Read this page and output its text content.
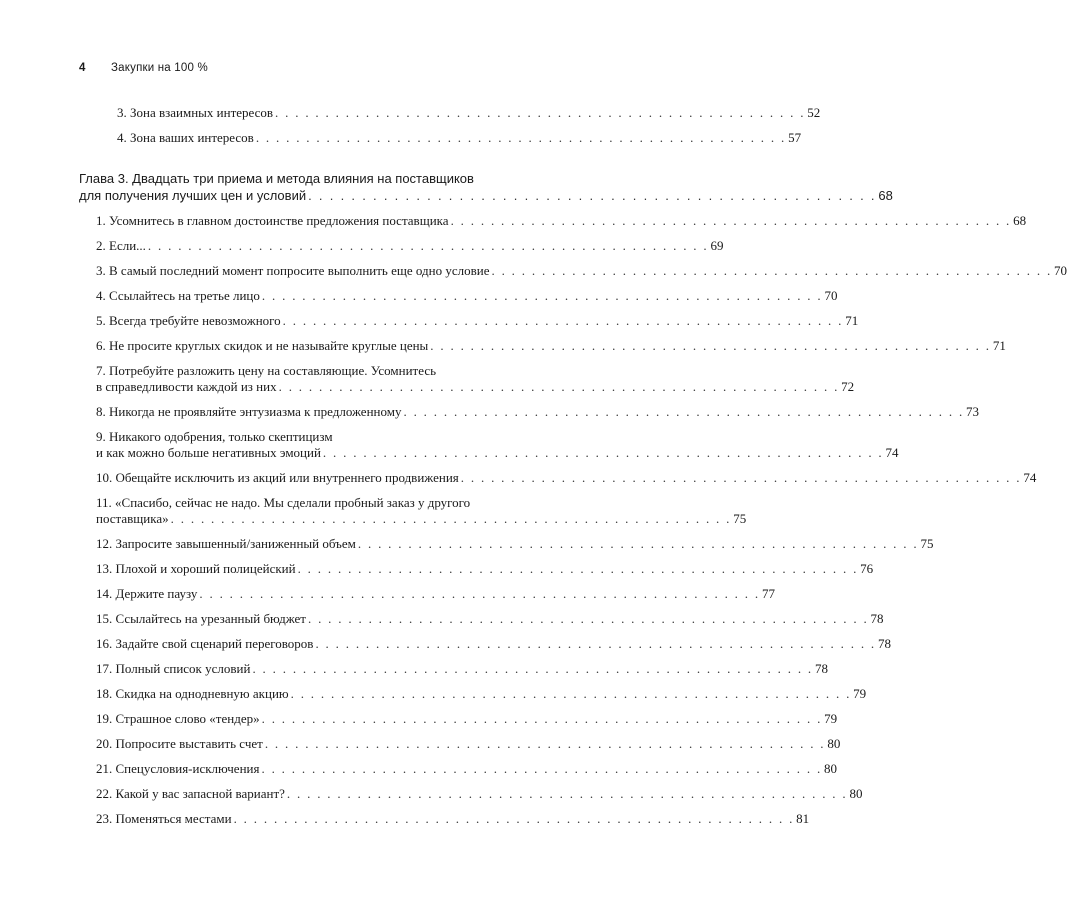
4 Закупки на 100 %
3. Зона взаимных интересов . . . . . . . . . . . . . . . . . . . . . . . . . . . . . . . . . . . . . . . . . . . . . . . . . . . . . 52
4. Зона ваших интересов . . . . . . . . . . . . . . . . . . . . . . . . . . . . . . . . . . . . . . . . . . . . . . . . . . . . . 57
Глава 3. Двадцать три приема и метода влияния на поставщиков
для получения лучших цен и условий . . . . . . . . . . . . . . . . . . . . . . . . . . . . . . . . . . . . . . . . . . . . . . . . . . . . . 68
1. Усомнитесь в главном достоинстве предложения поставщика . . . . . . . . . . . . . . . . . . . . . . . . . . . . . . . . . . . . . . . . . . . . . . . . . . . . . . . . 68
2. Если... . . . . . . . . . . . . . . . . . . . . . . . . . . . . . . . . . . . . . . . . . . . . . . . . . . . . . . . . 69
3. В самый последний момент попросите выполнить еще одно условие . . . . . . . . . . . . . . . . . . . . . . . . . . . . . . . . . . . . . . . . . . . . . . . . . . . . . . . . 70
4. Ссылайтесь на третье лицо . . . . . . . . . . . . . . . . . . . . . . . . . . . . . . . . . . . . . . . . . . . . . . . . . . . . . . . . 70
5. Всегда требуйте невозможного . . . . . . . . . . . . . . . . . . . . . . . . . . . . . . . . . . . . . . . . . . . . . . . . . . . . . . . . 71
6. Не просите круглых скидок и не называйте круглые цены . . . . . . . . . . . . . . . . . . . . . . . . . . . . . . . . . . . . . . . . . . . . . . . . . . . . . . . . 71
7. Потребуйте разложить цену на составляющие. Усомнитесь
в справедливости каждой из них . . . . . . . . . . . . . . . . . . . . . . . . . . . . . . . . . . . . . . . . . . . . . . . . . . . . . . . . 72
8. Никогда не проявляйте энтузиазма к предложенному . . . . . . . . . . . . . . . . . . . . . . . . . . . . . . . . . . . . . . . . . . . . . . . . . . . . . . . . 73
9. Никакого одобрения, только скептицизм
и как можно больше негативных эмоций . . . . . . . . . . . . . . . . . . . . . . . . . . . . . . . . . . . . . . . . . . . . . . . . . . . . . . . . 74
10. Обещайте исключить из акций или внутреннего продвижения . . . . . . . . . . . . . . . . . . . . . . . . . . . . . . . . . . . . . . . . . . . . . . . . . . . . . . . . 74
11. «Спасибо, сейчас не надо. Мы сделали пробный заказ у другого
поставщика» . . . . . . . . . . . . . . . . . . . . . . . . . . . . . . . . . . . . . . . . . . . . . . . . . . . . . . . . 75
12. Запросите завышенный/заниженный объем . . . . . . . . . . . . . . . . . . . . . . . . . . . . . . . . . . . . . . . . . . . . . . . . . . . . . . . . 75
13. Плохой и хороший полицейский . . . . . . . . . . . . . . . . . . . . . . . . . . . . . . . . . . . . . . . . . . . . . . . . . . . . . . . . 76
14. Держите паузу . . . . . . . . . . . . . . . . . . . . . . . . . . . . . . . . . . . . . . . . . . . . . . . . . . . . . . . . 77
15. Ссылайтесь на урезанный бюджет . . . . . . . . . . . . . . . . . . . . . . . . . . . . . . . . . . . . . . . . . . . . . . . . . . . . . . . . 78
16. Задайте свой сценарий переговоров . . . . . . . . . . . . . . . . . . . . . . . . . . . . . . . . . . . . . . . . . . . . . . . . . . . . . . . . 78
17. Полный список условий . . . . . . . . . . . . . . . . . . . . . . . . . . . . . . . . . . . . . . . . . . . . . . . . . . . . . . . . 78
18. Скидка на однодневную акцию . . . . . . . . . . . . . . . . . . . . . . . . . . . . . . . . . . . . . . . . . . . . . . . . . . . . . . . . 79
19. Страшное слово «тендер» . . . . . . . . . . . . . . . . . . . . . . . . . . . . . . . . . . . . . . . . . . . . . . . . . . . . . . . . 79
20. Попросите выставить счет . . . . . . . . . . . . . . . . . . . . . . . . . . . . . . . . . . . . . . . . . . . . . . . . . . . . . . . . 80
21. Спецусловия-исключения . . . . . . . . . . . . . . . . . . . . . . . . . . . . . . . . . . . . . . . . . . . . . . . . . . . . . . . . 80
22. Какой у вас запасной вариант? . . . . . . . . . . . . . . . . . . . . . . . . . . . . . . . . . . . . . . . . . . . . . . . . . . . . . . . . 80
23. Поменяться местами . . . . . . . . . . . . . . . . . . . . . . . . . . . . . . . . . . . . . . . . . . . . . . . . . . . . . . . . 81
